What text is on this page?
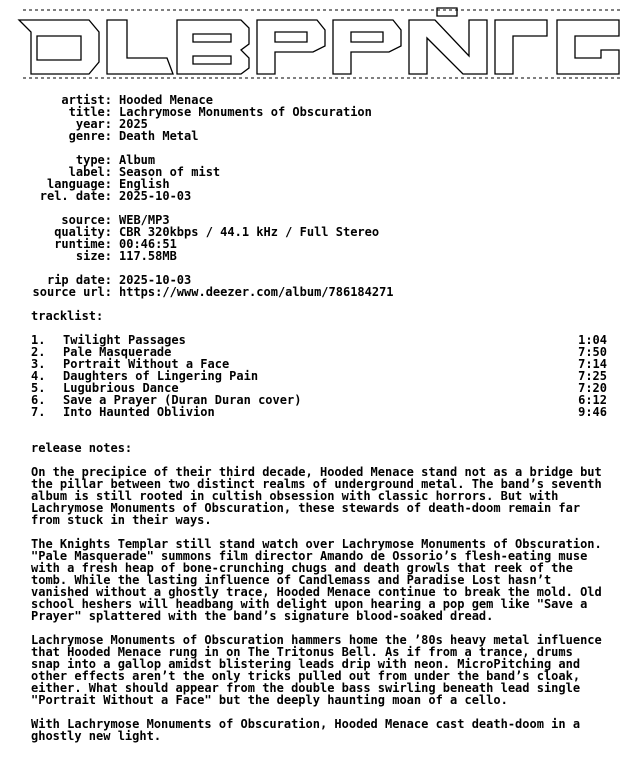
artist: Hooded Menace
title: Lachrymose Monuments of Obscuration
year: 2025
genre: Death Metal
type: Album
label: Season of mist
language: English
rel. date: 2025-10-03
source: WEB/MP3
quality: CBR 320kbps / 44.1 kHz / Full Stereo
runtime: 00:46:51
size: 117.58MB
rip date: 2025-10-03
source url: https://www.deezer.com/album/786184271
tracklist:
1.	Twilight Passages	1:04
2.	Pale Masquerade	7:50
3.	Portrait Without a Face	7:14
4.	Daughters of Lingering Pain	7:25
5.	Lugubrious Dance	7:20
6.	Save a Prayer (Duran Duran cover)	6:12
7.	Into Haunted Oblivion	9:46
release notes:
On the precipice of their third decade, Hooded Menace stand not as a bridge but the pillar between two distinct realms of underground metal. The band’s seventh album is still rooted in cultish obsession with classic horrors. But with Lachrymose Monuments of Obscuration, these stewards of death-doom remain far from stuck in their ways.
The Knights Templar still stand watch over Lachrymose Monuments of Obscuration. "Pale Masquerade" summons film director Amando de Ossorio’s flesh-eating muse with a fresh heap of bone-crunching chugs and death growls that reek of the tomb. While the lasting influence of Candlemass and Paradise Lost hasn’t vanished without a ghostly trace, Hooded Menace continue to break the mold. Old school heshers will headbang with delight upon hearing a pop gem like "Save a Prayer" splattered with the band’s signature blood-soaked dread.
Lachrymose Monuments of Obscuration hammers home the ’80s heavy metal influence that Hooded Menace rung in on The Tritonus Bell. As if from a trance, drums snap into a gallop amidst blistering leads drip with neon. MicroPitching and other effects aren’t the only tricks pulled out from under the band’s cloak, either. What should appear from the double bass swirling beneath lead single "Portrait Without a Face" but the deeply haunting moan of a cello.
With Lachrymose Monuments of Obscuration, Hooded Menace cast death-doom in a ghostly new light.
